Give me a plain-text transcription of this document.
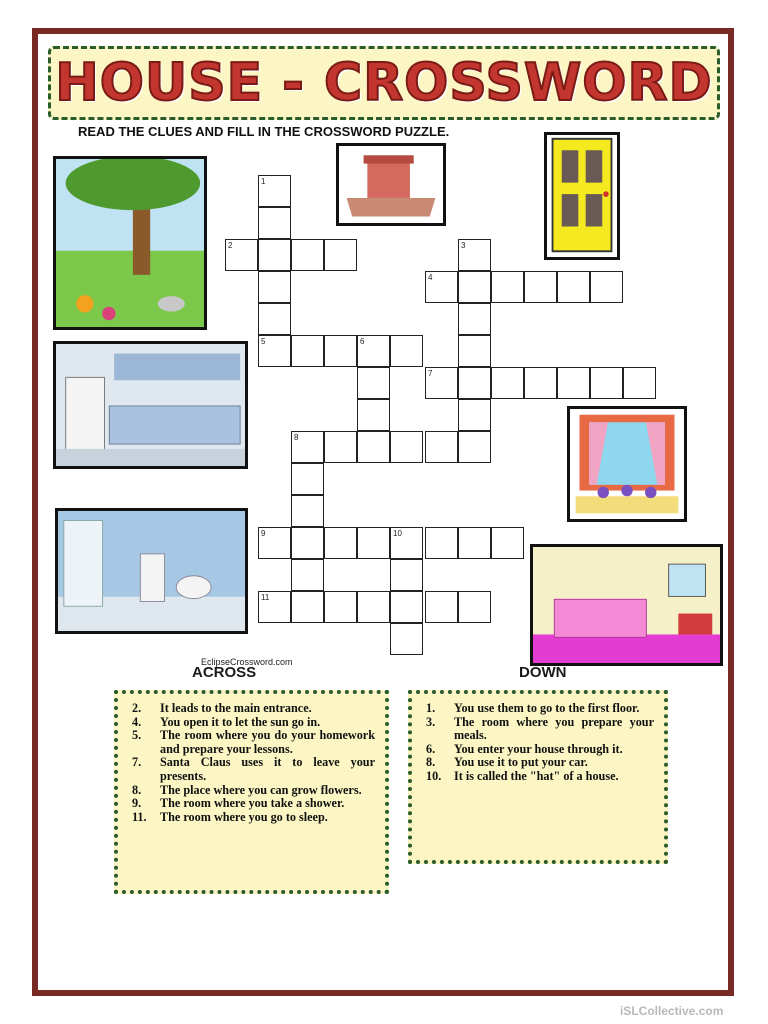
HOUSE - CROSSWORD
READ THE CLUES AND FILL IN THE CROSSWORD PUZZLE.
1
5
2	3
4
6
7
8
9	10
11
EclipseCrossword.com
ACROSS	DOWN
2.	It leads to the main entrance.
4.	You open it to let the sun go in.
5.	The room where you do your homework and prepare your lessons.
7.	Santa Claus uses it to leave your presents.
8.	The place where you can grow flowers.
9.	The room where you take a shower.
11.	The room where you go to sleep.
1.	You use them to go to the first floor.
3.	The room where you prepare your meals.
6.	You enter your house through it.
8.	You use it to put your car.
10.	It is called the "hat" of a house.
iSLCollective.com
